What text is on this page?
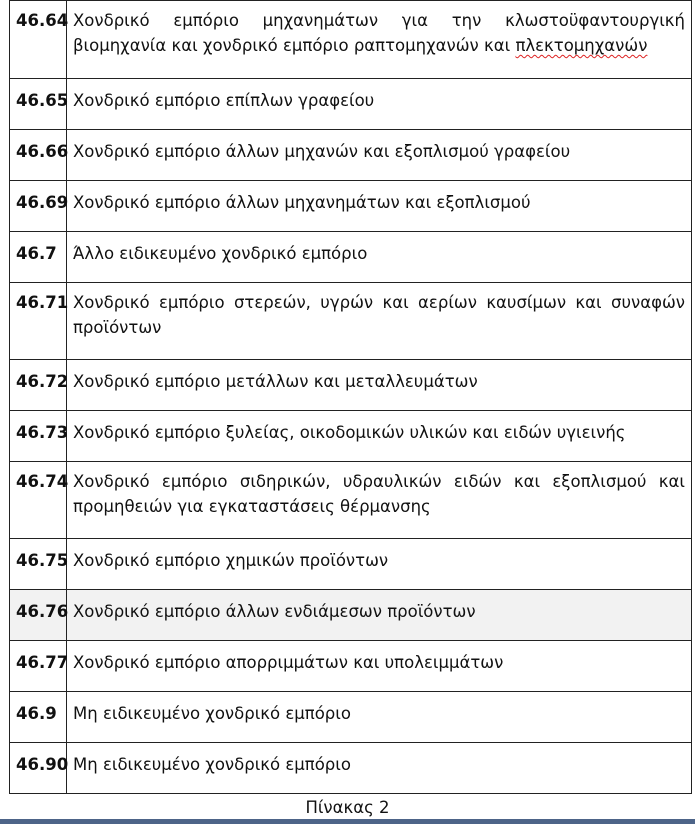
46.64	Χονδρικό εμπόριο μηχανημάτων για την κλωστοϋφαντουργική βιομηχανία και χονδρικό εμπόριο ραπτομηχανών και πλεκτομηχανών
46.65	Χονδρικό εμπόριο επίπλων γραφείου
46.66	Χονδρικό εμπόριο άλλων μηχανών και εξοπλισμού γραφείου
46.69	Χονδρικό εμπόριο άλλων μηχανημάτων και εξοπλισμού
46.7	Άλλο ειδικευμένο χονδρικό εμπόριο
46.71	Χονδρικό εμπόριο στερεών, υγρών και αερίων καυσίμων και συναφών προϊόντων
46.72	Χονδρικό εμπόριο μετάλλων και μεταλλευμάτων
46.73	Χονδρικό εμπόριο ξυλείας, οικοδομικών υλικών και ειδών υγιεινής
46.74	Χονδρικό εμπόριο σιδηρικών, υδραυλικών ειδών και εξοπλισμού και προμηθειών για εγκαταστάσεις θέρμανσης
46.75	Χονδρικό εμπόριο χημικών προϊόντων
46.76	Χονδρικό εμπόριο άλλων ενδιάμεσων προϊόντων
46.77	Χονδρικό εμπόριο απορριμμάτων και υπολειμμάτων
46.9	Μη ειδικευμένο χονδρικό εμπόριο
46.90	Μη ειδικευμένο χονδρικό εμπόριο
Πίνακας 2
